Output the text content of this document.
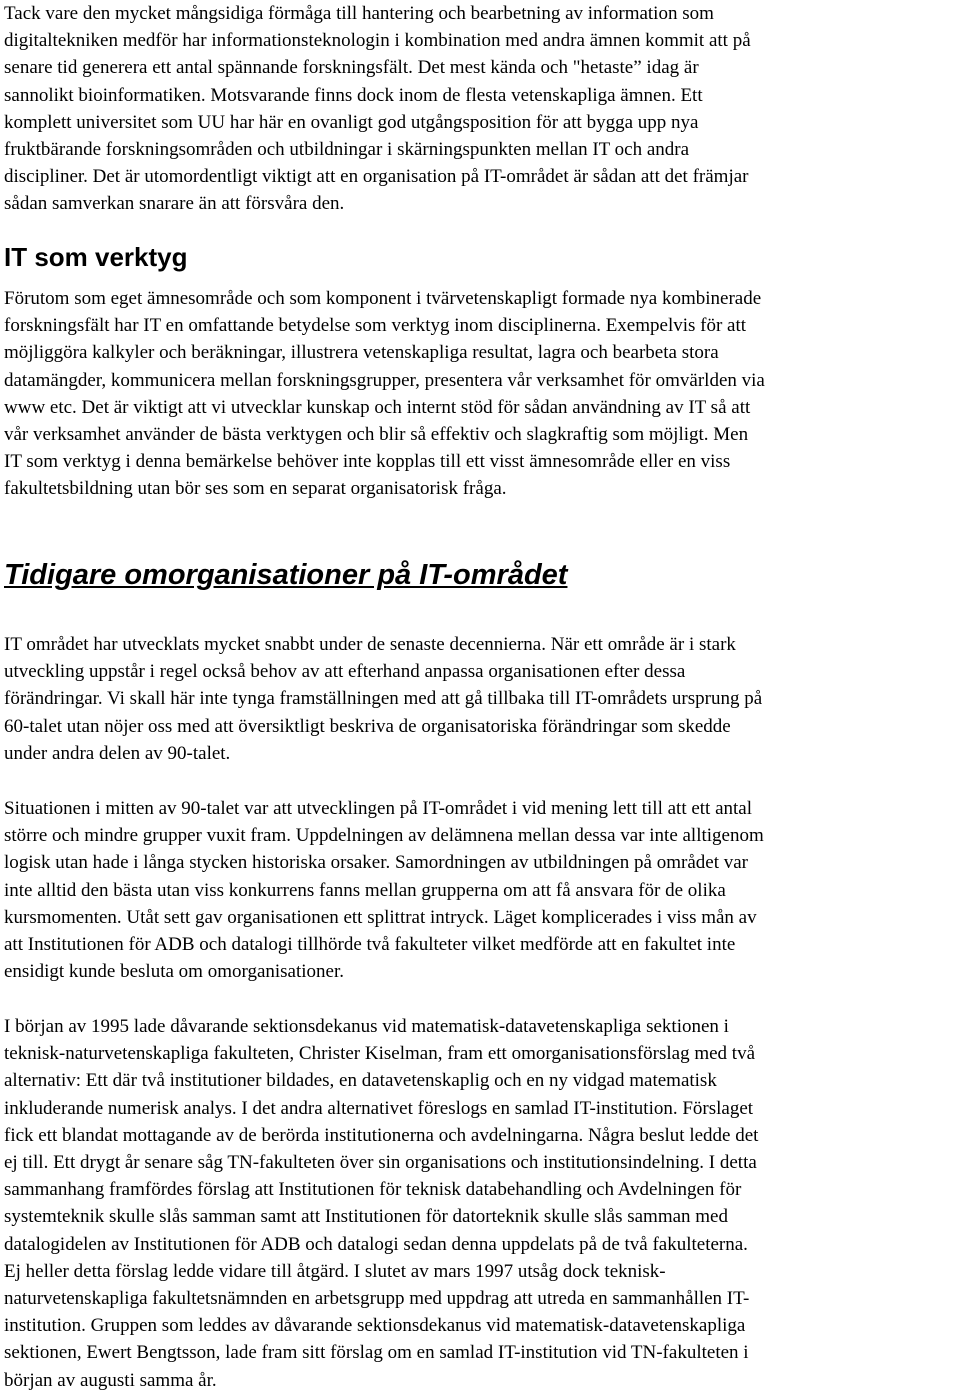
Tack vare den mycket mångsidiga förmåga till hantering och bearbetning av information som
digitaltekniken medför har informationsteknologin i kombination med andra ämnen kommit att på
senare tid generera ett antal spännande forskningsfält. Det mest kända och "hetaste” idag är
sannolikt bioinformatiken. Motsvarande finns dock inom de flesta vetenskapliga ämnen. Ett
komplett universitet som UU har här en ovanligt god utgångsposition för att bygga upp nya
fruktbärande forskningsområden och utbildningar i skärningspunkten mellan IT och andra
discipliner. Det är utomordentligt viktigt att en organisation på IT-området är sådan att det främjar
sådan samverkan snarare än att försvåra den.

IT som verktyg

Förutom som eget ämnesområde och som komponent i tvärvetenskapligt formade nya kombinerade
forskningsfält har IT en omfattande betydelse som verktyg inom disciplinerna. Exempelvis för att
möjliggöra kalkyler och beräkningar, illustrera vetenskapliga resultat, lagra och bearbeta stora
datamängder, kommunicera mellan forskningsgrupper, presentera vår verksamhet för omvärlden via
www etc. Det är viktigt att vi utvecklar kunskap och internt stöd för sådan användning av IT så att
vår verksamhet använder de bästa verktygen och blir så effektiv och slagkraftig som möjligt. Men
IT som verktyg i denna bemärkelse behöver inte kopplas till ett visst ämnesområde eller en viss
fakultetsbildning utan bör ses som en separat organisatorisk fråga.

Tidigare omorganisationer på IT-området

IT området har utvecklats mycket snabbt under de senaste decennierna. När ett område är i stark
utveckling uppstår i regel också behov av att efterhand anpassa organisationen efter dessa
förändringar. Vi skall här inte tynga framställningen med att gå tillbaka till IT-områdets ursprung på
60-talet utan nöjer oss med att översiktligt beskriva de organisatoriska förändringar som skedde
under andra delen av 90-talet.

Situationen i mitten av 90-talet var att utvecklingen på IT-området i vid mening lett till att ett antal
större och mindre grupper vuxit fram. Uppdelningen av delämnena mellan dessa var inte alltigenom
logisk utan hade i långa stycken historiska orsaker. Samordningen av utbildningen på området var
inte alltid den bästa utan viss konkurrens fanns mellan grupperna om att få ansvara för de olika
kursmomenten. Utåt sett gav organisationen ett splittrat intryck. Läget komplicerades i viss mån av
att Institutionen för ADB och datalogi tillhörde två fakulteter vilket medförde att en fakultet inte
ensidigt kunde besluta om omorganisationer.

I början av 1995 lade dåvarande sektionsdekanus vid matematisk-datavetenskapliga sektionen i
teknisk-naturvetenskapliga fakulteten, Christer Kiselman, fram ett omorganisationsförslag med två
alternativ: Ett där två institutioner bildades, en datavetenskaplig och en ny vidgad matematisk
inkluderande numerisk analys. I det andra alternativet föreslogs en samlad IT-institution. Förslaget
fick ett blandat mottagande av de berörda institutionerna och avdelningarna. Några beslut ledde det
ej till. Ett drygt år senare såg TN-fakulteten över sin organisations och institutionsindelning. I detta
sammanhang framfördes förslag att Institutionen för teknisk databehandling och Avdelningen för
systemteknik skulle slås samman samt att Institutionen för datorteknik skulle slås samman med
datalogidelen av Institutionen för ADB och datalogi sedan denna uppdelats på de två fakulteterna.
Ej heller detta förslag ledde vidare till åtgärd. I slutet av mars 1997 utsåg dock teknisk-
naturvetenskapliga fakultetsnämnden en arbetsgrupp med uppdrag att utreda en sammanhållen IT-
institution. Gruppen som leddes av dåvarande sektionsdekanus vid matematisk-datavetenskapliga
sektionen, Ewert Bengtsson, lade fram sitt förslag om en samlad IT-institution vid TN-fakulteten i
början av augusti samma år.
